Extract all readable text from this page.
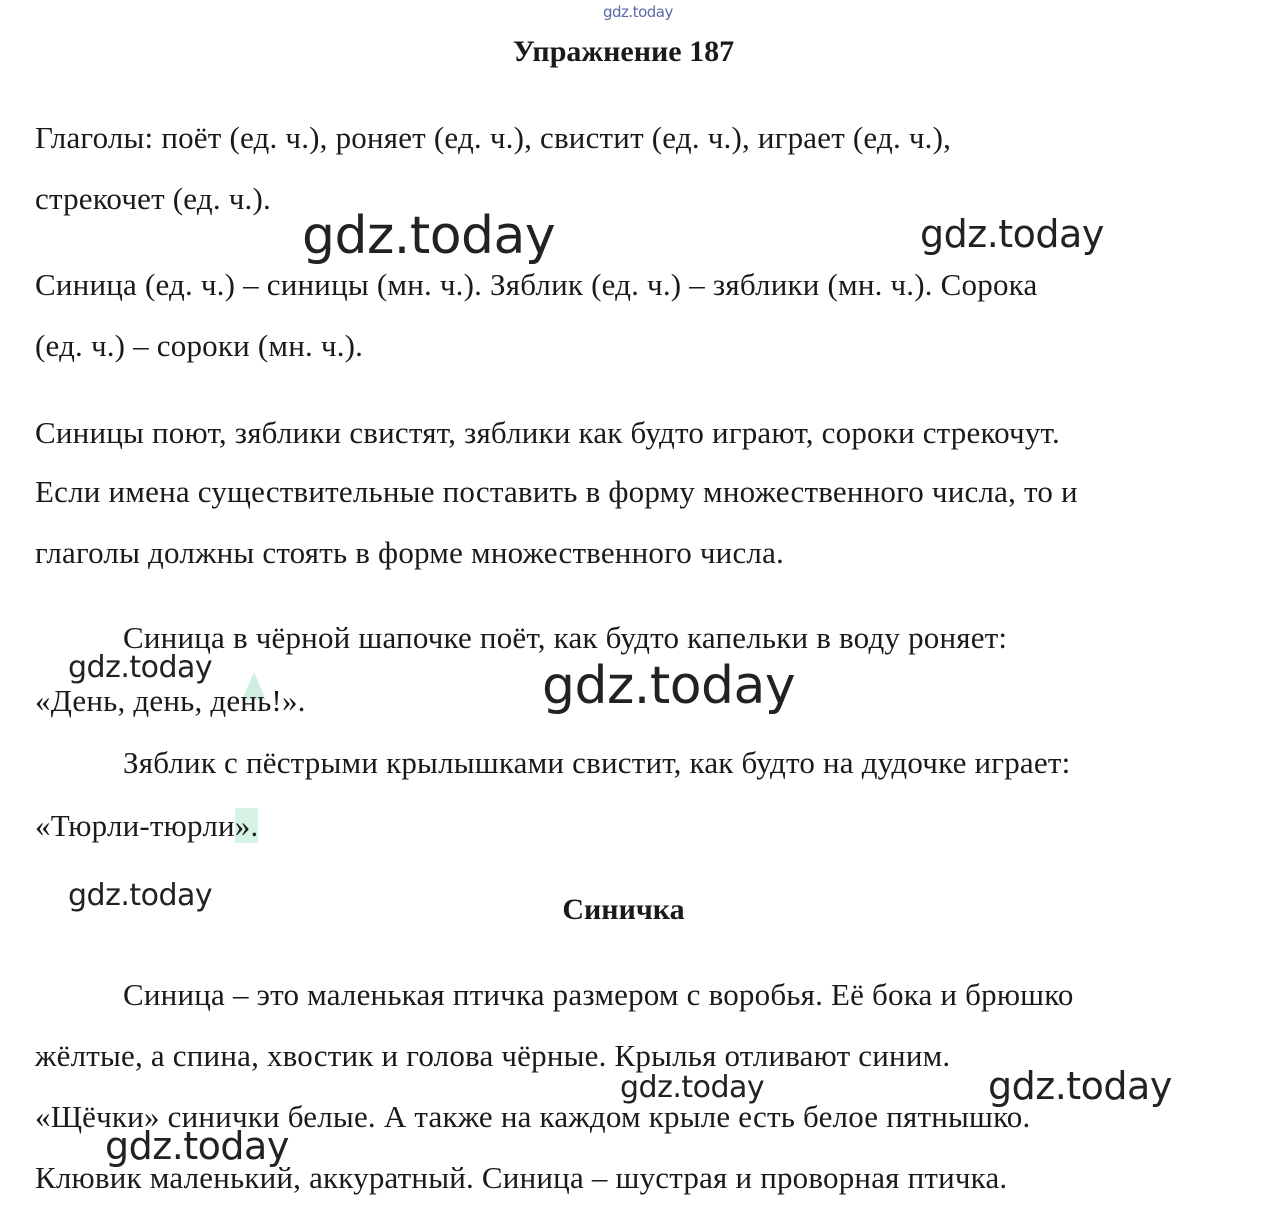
gdz.today
Упражнение 187
Глаголы: поёт (ед. ч.), роняет (ед. ч.), свистит (ед. ч.), играет (ед. ч.),
стрекочет (ед. ч.).
gdz.today	gdz.today
Синица (ед. ч.) – синицы (мн. ч.). Зяблик (ед. ч.) – зяблики (мн. ч.). Сорока
(ед. ч.) – сороки (мн. ч.).
Синицы поют, зяблики свистят, зяблики как будто играют, сороки стрекочут.
Если имена существительные поставить в форму множественного числа, то и
глаголы должны стоять в форме множественного числа.
Синица в чёрной шапочке поёт, как будто капельки в воду роняет:
gdz.today
«День, день, день!».	gdz.today
Зяблик с пёстрыми крылышками свистит, как будто на дудочке играет:
«Тюрли-тюрли».
gdz.today	Синичка
Синица – это маленькая птичка размером с воробья. Её бока и брюшко
жёлтые, а спина, хвостик и голова чёрные. Крылья отливают синим.
gdz.today	gdz.today
«Щёчки» синички белые. А также на каждом крыле есть белое пятнышко.
gdz.today
Клювик маленький, аккуратный. Синица – шустрая и проворная птичка.
